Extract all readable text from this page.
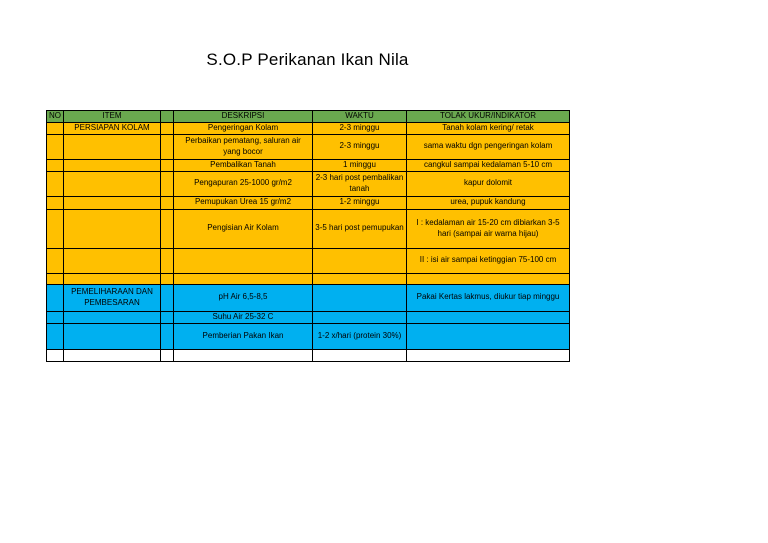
S.O.P Perikanan Ikan Nila
NO	ITEM		DESKRIPSI	WAKTU	TOLAK UKUR/INDIKATOR
	PERSIAPAN KOLAM		Pengeringan Kolam	2-3 minggu	Tanah kolam kering/ retak
			Perbaikan pematang, saluran air yang bocor	2-3 minggu	sama waktu dgn pengeringan kolam
			Pembalikan Tanah	1 minggu	cangkul sampai kedalaman 5-10 cm
			Pengapuran 25-1000 gr/m2	2-3 hari post pembalikan tanah	kapur dolomit
			Pemupukan Urea 15 gr/m2	1-2 minggu	urea, pupuk kandung
			Pengisian Air Kolam	3-5 hari post pemupukan	I : kedalaman air 15-20 cm dibiarkan 3-5 hari (sampai air warna hijau)
					II : isi air sampai ketinggian 75-100 cm

	PEMELIHARAAN DAN PEMBESARAN		pH Air 6,5-8,5		Pakai Kertas lakmus, diukur tiap minggu
			Suhu Air 25-32 C		
			Pemberian Pakan Ikan	1-2 x/hari (protein 30%)	
